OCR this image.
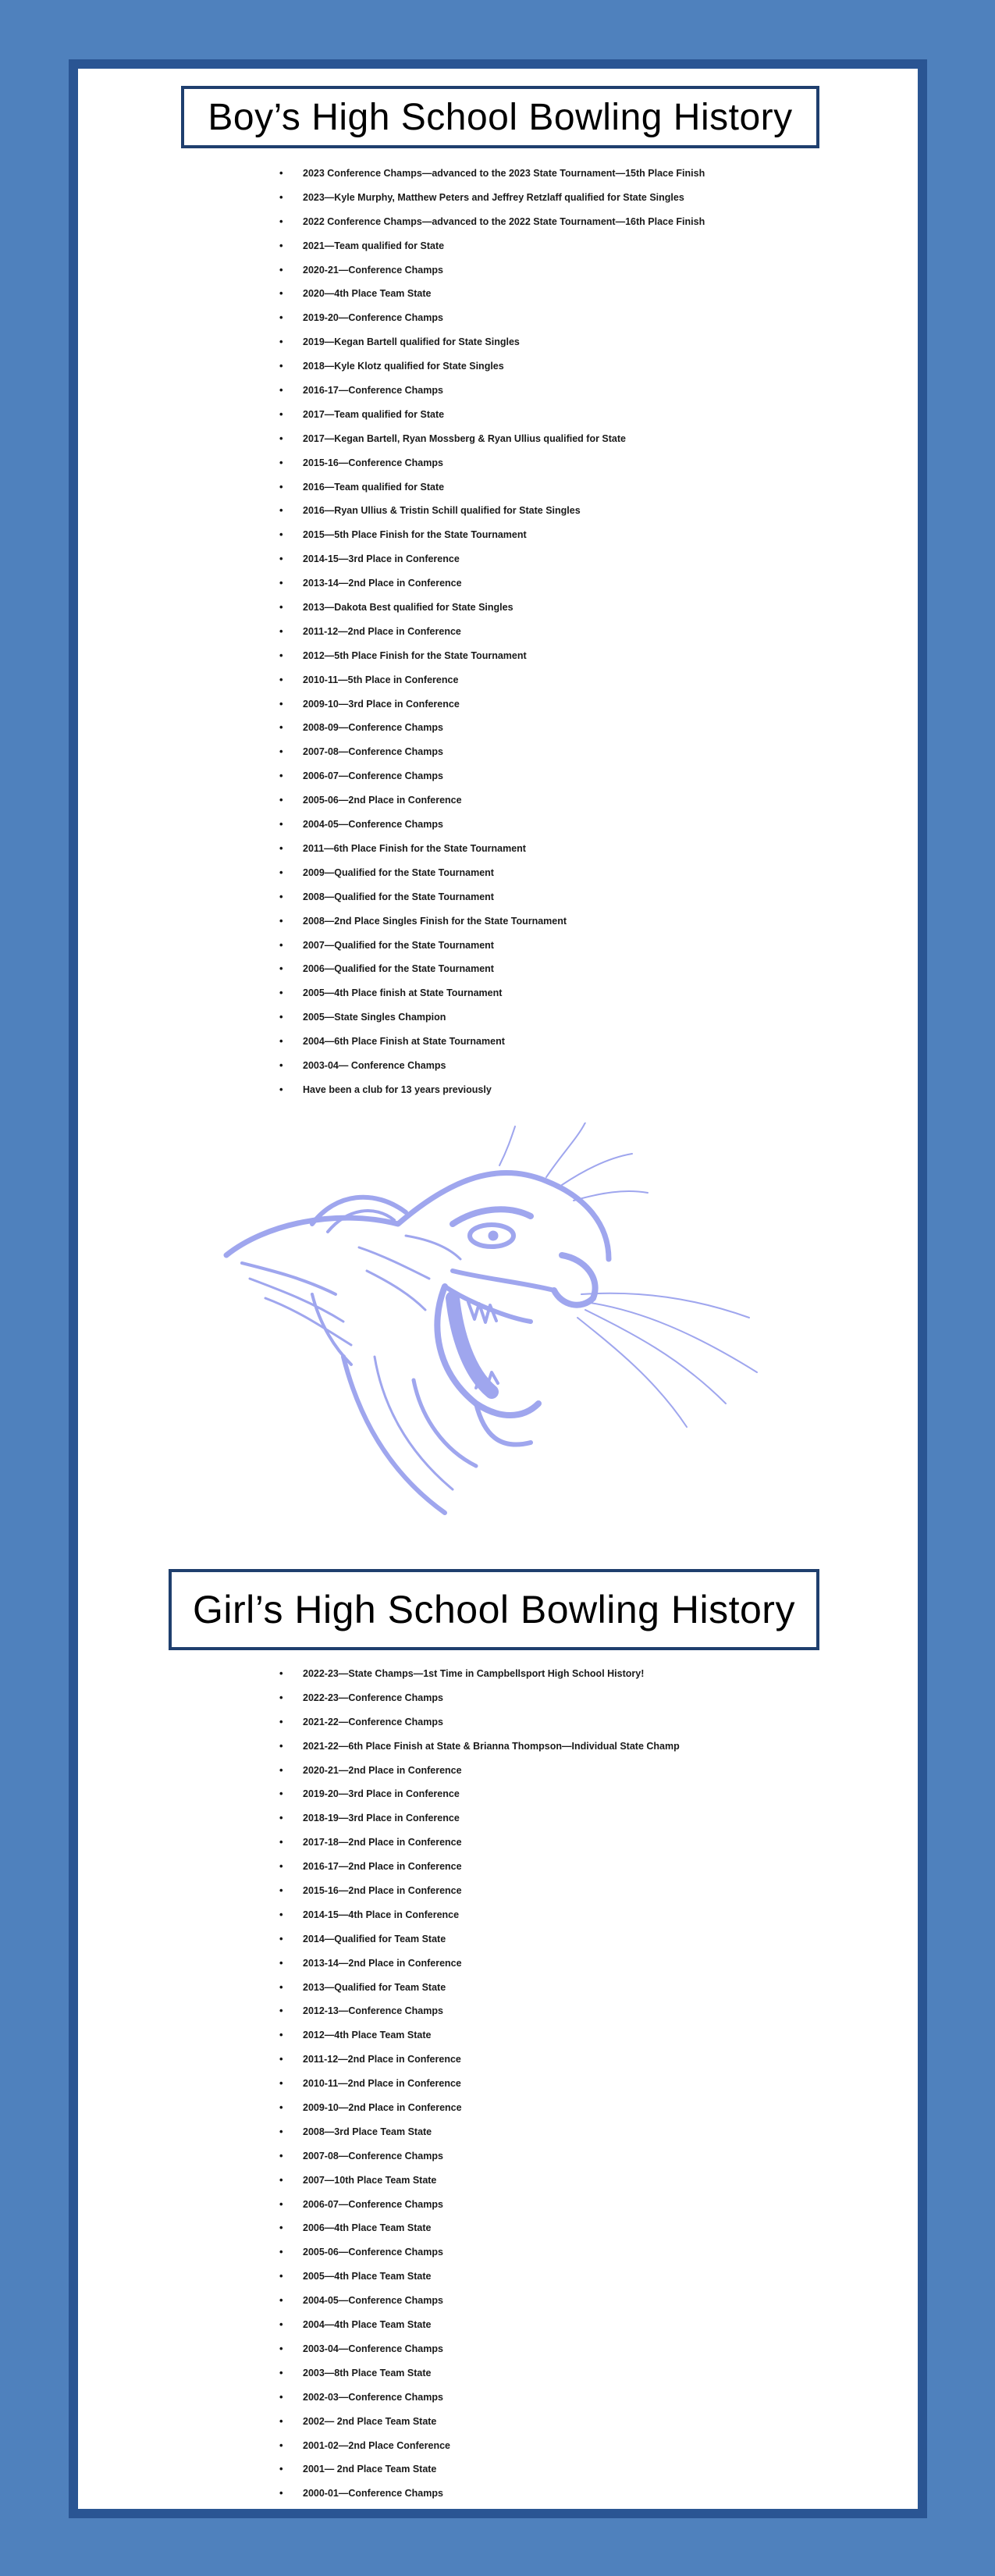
Boy’s High School Bowling History
• 2023 Conference Champs—advanced to the 2023 State Tournament—15th Place Finish
• 2023—Kyle Murphy, Matthew Peters and Jeffrey Retzlaff qualified for State Singles
• 2022 Conference Champs—advanced to the 2022 State Tournament—16th Place Finish
• 2021—Team qualified for State
• 2020-21—Conference Champs
• 2020—4th Place Team State
• 2019-20—Conference Champs
• 2019—Kegan Bartell qualified for State Singles
• 2018—Kyle Klotz qualified for State Singles
• 2016-17—Conference Champs
• 2017—Team qualified for State
• 2017—Kegan Bartell, Ryan Mossberg & Ryan Ullius qualified for State
• 2015-16—Conference Champs
• 2016—Team qualified for State
• 2016—Ryan Ullius & Tristin Schill qualified for State Singles
• 2015—5th Place Finish for the State Tournament
• 2014-15—3rd Place in Conference
• 2013-14—2nd Place in Conference
• 2013—Dakota Best qualified for State Singles
• 2011-12—2nd Place in Conference
• 2012—5th Place Finish for the State Tournament
• 2010-11—5th Place in Conference
• 2009-10—3rd Place in Conference
• 2008-09—Conference Champs
• 2007-08—Conference Champs
• 2006-07—Conference Champs
• 2005-06—2nd Place in Conference
• 2004-05—Conference Champs
• 2011—6th Place Finish for the State Tournament
• 2009—Qualified for the State Tournament
• 2008—Qualified for the State Tournament
• 2008—2nd Place Singles Finish for the State Tournament
• 2007—Qualified for the State Tournament
• 2006—Qualified for the State Tournament
• 2005—4th Place finish at State Tournament
• 2005—State Singles Champion
• 2004—6th Place Finish at State Tournament
• 2003-04— Conference Champs
• Have been a club for 13 years previously
Girl’s High School Bowling History
• 2022-23—State Champs—1st Time in Campbellsport High School History!
• 2022-23—Conference Champs
• 2021-22—Conference Champs
• 2021-22—6th Place Finish at State & Brianna Thompson—Individual State Champ
• 2020-21—2nd Place in Conference
• 2019-20—3rd Place in Conference
• 2018-19—3rd Place in Conference
• 2017-18—2nd Place in Conference
• 2016-17—2nd Place in Conference
• 2015-16—2nd Place in Conference
• 2014-15—4th Place in Conference
• 2014—Qualified for Team State
• 2013-14—2nd Place in Conference
• 2013—Qualified for Team State
• 2012-13—Conference Champs
• 2012—4th Place Team State
• 2011-12—2nd Place in Conference
• 2010-11—2nd Place in Conference
• 2009-10—2nd Place in Conference
• 2008—3rd Place Team State
• 2007-08—Conference Champs
• 2007—10th Place Team State
• 2006-07—Conference Champs
• 2006—4th Place Team State
• 2005-06—Conference Champs
• 2005—4th Place Team State
• 2004-05—Conference Champs
• 2004—4th Place Team State
• 2003-04—Conference Champs
• 2003—8th Place Team State
• 2002-03—Conference Champs
• 2002— 2nd Place Team State
• 2001-02—2nd Place Conference
• 2001— 2nd Place Team State
• 2000-01—Conference Champs
